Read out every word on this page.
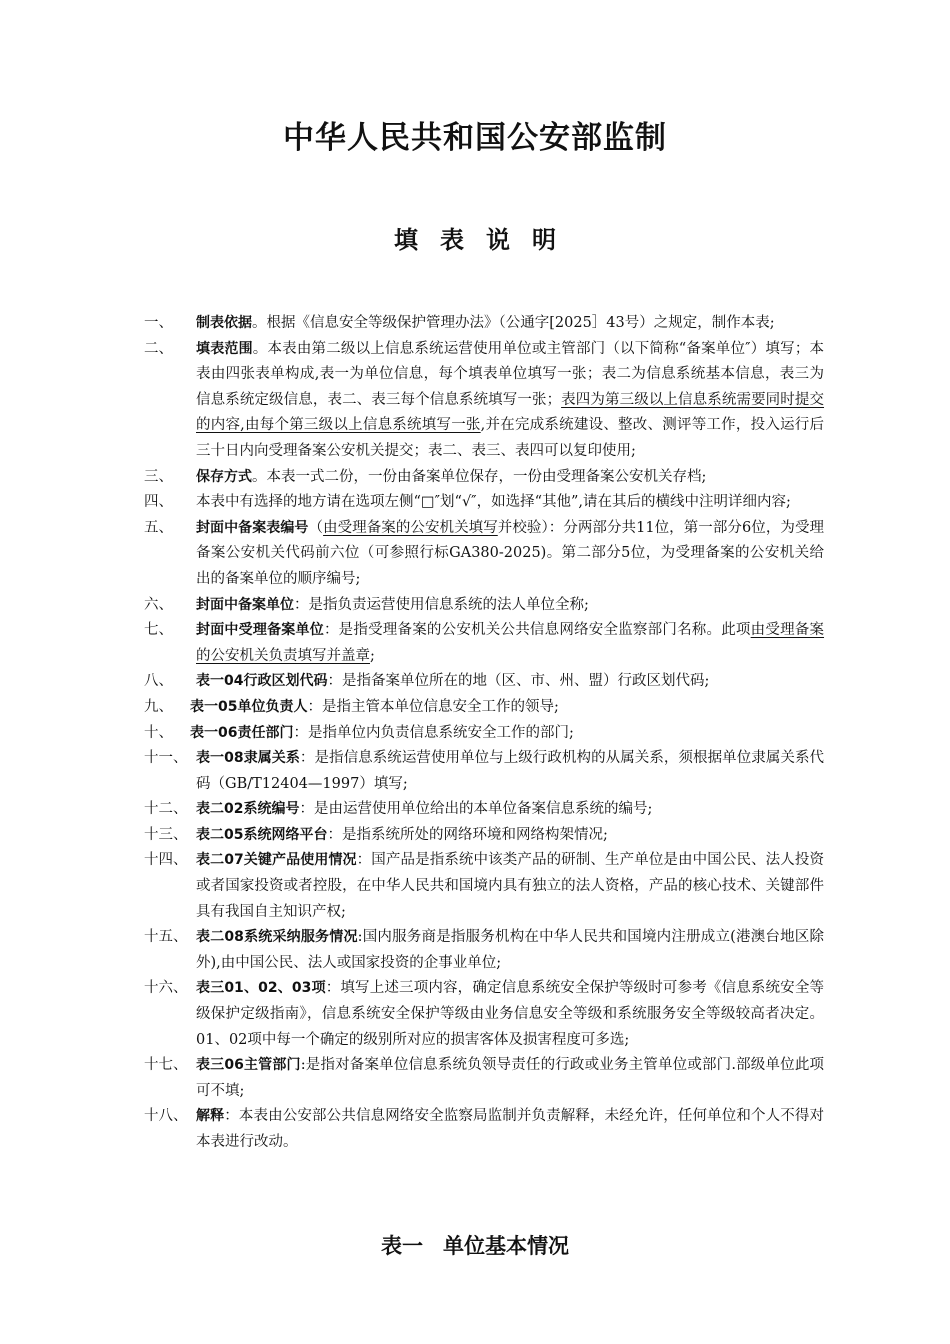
中华人民共和国公安部监制
填表说明
一、	制表依据。根据《信息安全等级保护管理办法》（公通字[2025］43号）之规定，制作本表;
二、	填表范围。本表由第二级以上信息系统运营使用单位或主管部门（以下简称“备案单位″）填写；本表由四张表单构成,表一为单位信息，每个填表单位填写一张；表二为信息系统基本信息，表三为信息系统定级信息，表二、表三每个信息系统填写一张；表四为第三级以上信息系统需要同时提交的内容,由每个第三级以上信息系统填写一张,并在完成系统建设、整改、测评等工作，投入运行后三十日内向受理备案公安机关提交；表二、表三、表四可以复印使用;
三、	保存方式。本表一式二份，一份由备案单位保存，一份由受理备案公安机关存档;
四、	本表中有选择的地方请在选项左侧“□″划“√″，如选择“其他”,请在其后的横线中注明详细内容;
五、	封面中备案表编号（由受理备案的公安机关填写并校验）：分两部分共11位，第一部分6位，为受理备案公安机关代码前六位（可参照行标GA380-2025)。第二部分5位，为受理备案的公安机关给出的备案单位的顺序编号;
六、	封面中备案单位：是指负责运营使用信息系统的法人单位全称;
七、	封面中受理备案单位：是指受理备案的公安机关公共信息网络安全监察部门名称。此项由受理备案的公安机关负责填写并盖章;
八、	表一04行政区划代码：是指备案单位所在的地（区、市、州、盟）行政区划代码;
九、	表一05单位负责人：是指主管本单位信息安全工作的领导;
十、	表一06责任部门：是指单位内负责信息系统安全工作的部门;
十一、 表一08隶属关系：是指信息系统运营使用单位与上级行政机构的从属关系，须根据单位隶属关系代码（GB/T12404—1997）填写;
十二、 表二02系统编号：是由运营使用单位给出的本单位备案信息系统的编号;
十三、 表二05系统网络平台：是指系统所处的网络环境和网络构架情况;
十四、 表二07关键产品使用情况：国产品是指系统中该类产品的研制、生产单位是由中国公民、法人投资或者国家投资或者控股，在中华人民共和国境内具有独立的法人资格，产品的核心技术、关键部件具有我国自主知识产权;
十五、 表二08系统采纳服务情况:国内服务商是指服务机构在中华人民共和国境内注册成立(港澳台地区除外),由中国公民、法人或国家投资的企事业单位;
十六、 表三01、02、03项：填写上述三项内容，确定信息系统安全保护等级时可参考《信息系统安全等级保护定级指南》，信息系统安全保护等级由业务信息安全等级和系统服务安全等级较高者决定。01、02项中每一个确定的级别所对应的损害客体及损害程度可多选;
十七、 表三06主管部门:是指对备案单位信息系统负领导责任的行政或业务主管单位或部门.部级单位此项可不填;
十八、 解释：本表由公安部公共信息网络安全监察局监制并负责解释，未经允许，任何单位和个人不得对本表进行改动。
表一 单位基本情况
